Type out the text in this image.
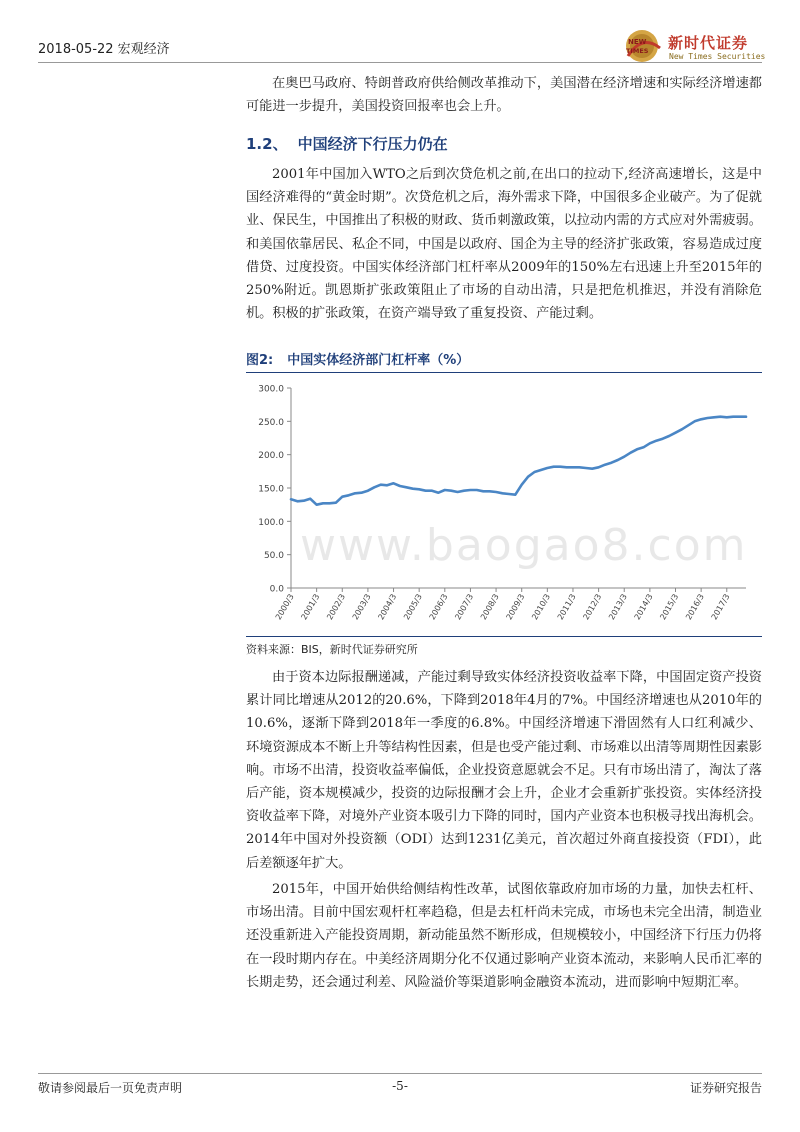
2018-05-22 宏观经济	NEW
TIMES 新时代证券
New Times Securities
在奥巴马政府、特朗普政府供给侧改革推动下，美国潜在经济增速和实际经济增速都可能进一步提升，美国投资回报率也会上升。
1.2、 中国经济下行压力仍在
2001年中国加入WTO之后到次贷危机之前,在出口的拉动下,经济高速增长，这是中国经济难得的“黄金时期”。次贷危机之后，海外需求下降，中国很多企业破产。为了促就业、保民生，中国推出了积极的财政、货币刺激政策，以拉动内需的方式应对外需疲弱。和美国依靠居民、私企不同，中国是以政府、国企为主导的经济扩张政策，容易造成过度借贷、过度投资。中国实体经济部门杠杆率从2009年的150%左右迅速上升至2015年的250%附近。凯恩斯扩张政策阻止了市场的自动出清，只是把危机推迟，并没有消除危机。积极的扩张政策，在资产端导致了重复投资、产能过剩。
图2: 中国实体经济部门杠杆率（%）
0.0
50.0
100.0
150.0
200.0
250.0
300.0
2000/3 2001/3 2002/3 2003/3 2004/3 2005/3 2006/3 2007/3 2008/3 2009/3 2010/3 2011/3 2012/3 2013/3 2014/3 2015/3 2016/3 2017/3
资料来源：BIS，新时代证券研究所
由于资本边际报酬递减，产能过剩导致实体经济投资收益率下降，中国固定资产投资累计同比增速从2012的20.6%，下降到2018年4月的7%。中国经济增速也从2010年的10.6%，逐渐下降到2018年一季度的6.8%。中国经济增速下滑固然有人口红利减少、环境资源成本不断上升等结构性因素，但是也受产能过剩、市场难以出清等周期性因素影响。市场不出清，投资收益率偏低，企业投资意愿就会不足。只有市场出清了，淘汰了落后产能，资本规模减少，投资的边际报酬才会上升，企业才会重新扩张投资。实体经济投资收益率下降，对境外产业资本吸引力下降的同时，国内产业资本也积极寻找出海机会。2014年中国对外投资额（ODI）达到1231亿美元，首次超过外商直接投资（FDI），此后差额逐年扩大。
2015年，中国开始供给侧结构性改革，试图依靠政府加市场的力量，加快去杠杆、市场出清。目前中国宏观杆杠率趋稳，但是去杠杆尚未完成，市场也未完全出清，制造业还没重新进入产能投资周期，新动能虽然不断形成，但规模较小，中国经济下行压力仍将在一段时期内存在。中美经济周期分化不仅通过影响产业资本流动，来影响人民币汇率的长期走势，还会通过利差、风险溢价等渠道影响金融资本流动，进而影响中短期汇率。
敬请参阅最后一页免责声明	-5-	证券研究报告
www.baogao8.com
